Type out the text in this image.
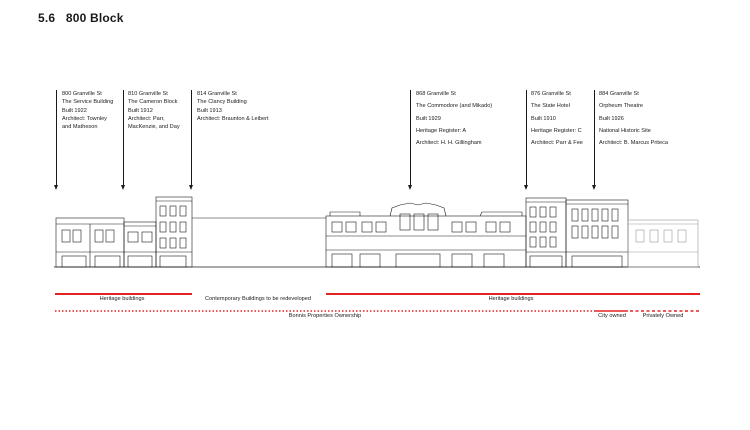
5.6 800 Block
800 Granville St
The Service Building
Built 1922
Architect: Townley
and Matheson
810 Granville St
The Cameron Block
Built 1912
Architect: Parr,
MacKenzie, and Day
814 Granville St
The Clancy Building
Built 1913
Architect: Braunton & Leibert
868 Granville St
The Commodore (and Mikado)
Built 1929
Heritage Register: A
Architect: H. H. Gillingham
876 Granville St
The State Hotel
Built 1910
Heritage Register: C
Architect: Parr & Fee
884 Granville St
Orpheum Theatre
Built 1926
National Historic Site
Architect: B. Marcus Priteca
Heritage buildings	Contemporary Buildings to be redeveloped	Heritage buildings
Bonnis Properties Ownership	City owned	Privately Owned
